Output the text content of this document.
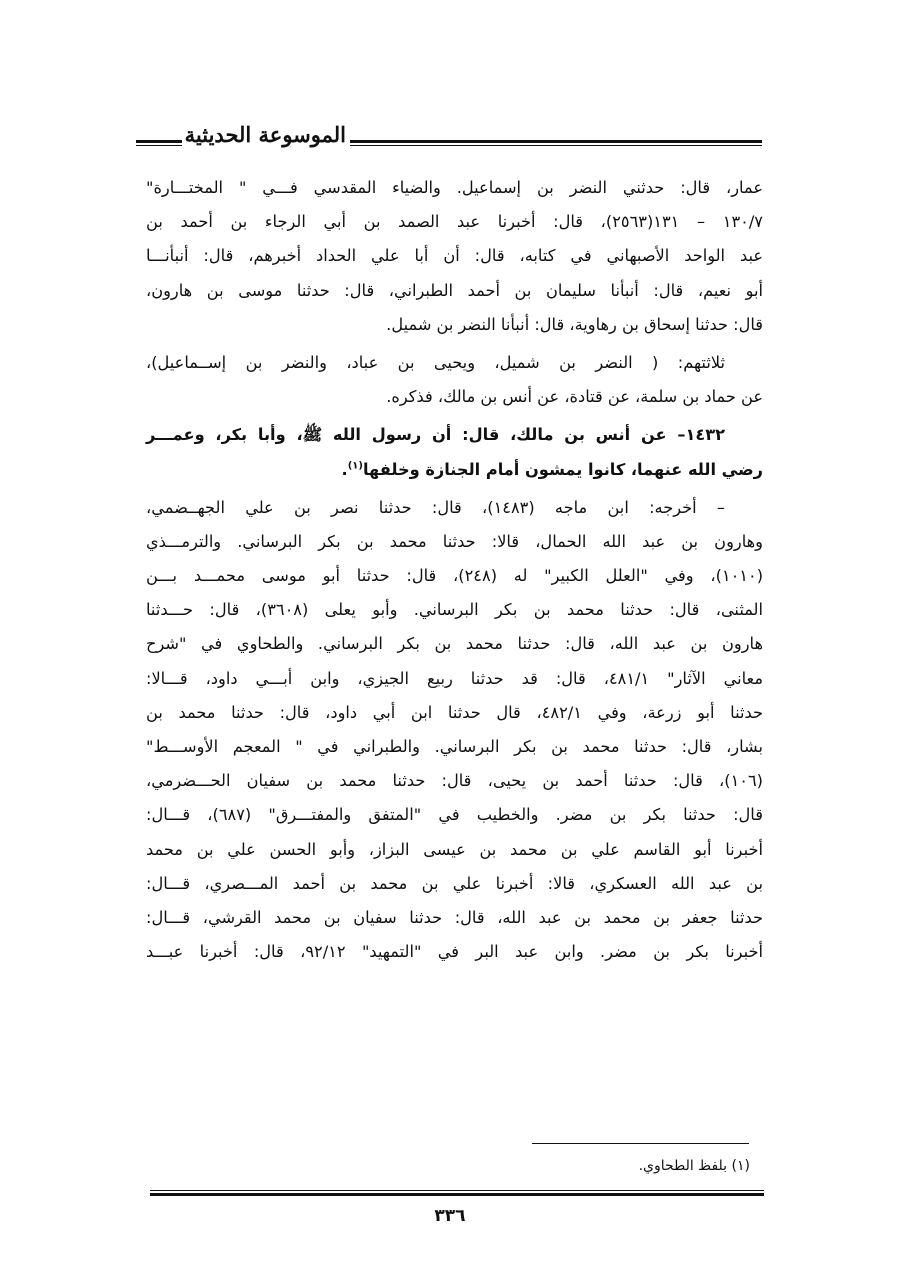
الموسوعة الحديثية
عمار، قال: حدثني النضر بن إسماعيل. والضياء المقدسي فـــي " المختـــارة"
١٣٠/٧ – ١٣١(٢٥٦٣)، قال: أخبرنا عبد الصمد بن أبي الرجاء بن أحمد بن
عبد الواحد الأصبهاني في كتابه، قال: أن أبا علي الحداد أخبرهم، قال: أنبأنـــا
أبو نعيم، قال: أنبأنا سليمان بن أحمد الطبراني، قال: حدثنا موسى بن هارون،
قال: حدثنا إسحاق بن رهاوية، قال: أنبأنا النضر بن شميل.
ثلاثتهم: ( النضر بن شميل، ويحيى بن عباد، والنضر بن إســماعيل)،
عن حماد بن سلمة، عن قتادة، عن أنس بن مالك، فذكره.
١٤٣٢– عن أنس بن مالك، قال: أن رسول الله ﷺ، وأبا بكر، وعمـــر
رضي الله عنهما، كانوا يمشون أمام الجنازة وخلفها$^{(١)}$.
– أخرجه: ابن ماجه (١٤٨٣)، قال: حدثنا نصر بن علي الجهــضمي،
وهارون بن عبد الله الحمال، قالا: حدثنا محمد بن بكر البرساني. والترمـــذي
(١٠١٠)، وفي "العلل الكبير" له (٢٤٨)، قال: حدثنا أبو موسى محمـــد بـــن
المثنى، قال: حدثنا محمد بن بكر البرساني. وأبو يعلى (٣٦٠٨)، قال: حـــدثنا
هارون بن عبد الله، قال: حدثنا محمد بن بكر البرساني. والطحاوي في "شرح
معاني الآثار" ٤٨١/١، قال: قد حدثنا ربيع الجيزي، وابن أبـــي داود، قـــالا:
حدثنا أبو زرعة، وفي ٤٨٢/١، قال حدثنا ابن أبي داود، قال: حدثنا محمد بن
بشار، قال: حدثنا محمد بن بكر البرساني. والطبراني في " المعجم الأوســـط"
(١٠٦)، قال: حدثنا أحمد بن يحيى، قال: حدثنا محمد بن سفيان الحـــضرمي،
قال: حدثنا بكر بن مضر. والخطيب في "المتفق والمفتـــرق" (٦٨٧)، قـــال:
أخبرنا أبو القاسم علي بن محمد بن عيسى البزاز، وأبو الحسن علي بن محمد
بن عبد الله العسكري، قالا: أخبرنا علي بن محمد بن أحمد المـــصري، قـــال:
حدثنا جعفر بن محمد بن عبد الله، قال: حدثنا سفيان بن محمد القرشي، قـــال:
أخبرنا بكر بن مضر. وابن عبد البر في "التمهيد" ٩٢/١٢، قال: أخبرنا عبـــد
(١) بلفظ الطحاوي.
٣٣٦
